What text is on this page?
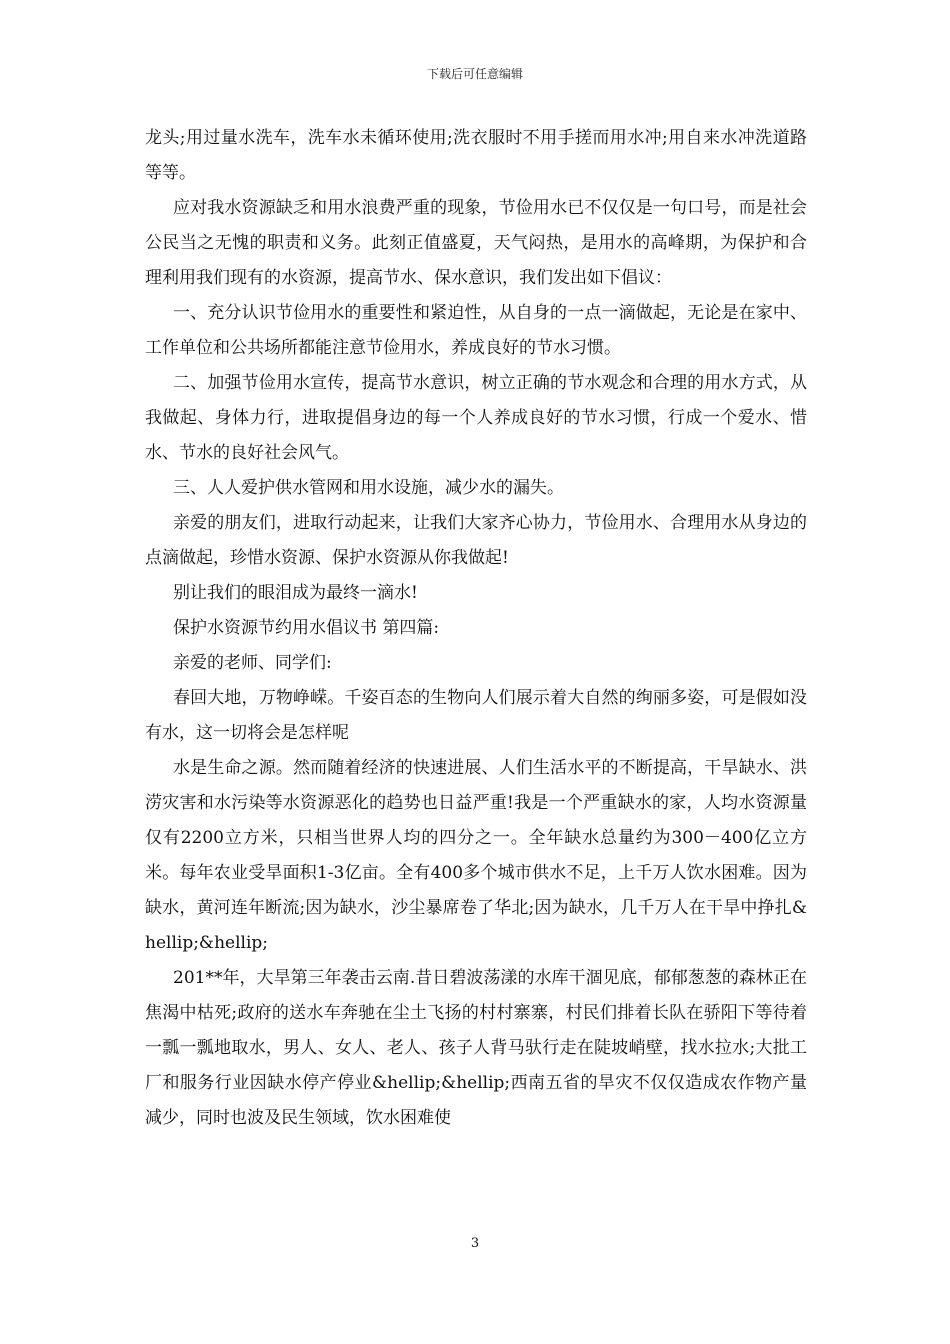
下载后可任意编辑

龙头;用过量水洗车，洗车水未循环使用;洗衣服时不用手搓而用水冲;用自来水冲洗道路等等。

应对我水资源缺乏和用水浪费严重的现象，节俭用水已不仅仅是一句口号，而是社会公民当之无愧的职责和义务。此刻正值盛夏，天气闷热，是用水的高峰期，为保护和合理利用我们现有的水资源，提高节水、保水意识，我们发出如下倡议：

一、充分认识节俭用水的重要性和紧迫性，从自身的一点一滴做起，无论是在家中、工作单位和公共场所都能注意节俭用水，养成良好的节水习惯。

二、加强节俭用水宣传，提高节水意识，树立正确的节水观念和合理的用水方式，从我做起、身体力行，进取提倡身边的每一个人养成良好的节水习惯，行成一个爱水、惜水、节水的良好社会风气。

三、人人爱护供水管网和用水设施，减少水的漏失。

亲爱的朋友们，进取行动起来，让我们大家齐心协力，节俭用水、合理用水从身边的点滴做起，珍惜水资源、保护水资源从你我做起!

别让我们的眼泪成为最终一滴水!

保护水资源节约用水倡议书 第四篇:

亲爱的老师、同学们:

春回大地，万物峥嵘。千姿百态的生物向人们展示着大自然的绚丽多姿，可是假如没有水，这一切将会是怎样呢

水是生命之源。然而随着经济的快速进展、人们生活水平的不断提高，干旱缺水、洪涝灾害和水污染等水资源恶化的趋势也日益严重!我是一个严重缺水的家，人均水资源量仅有2200立方米，只相当世界人均的四分之一。全年缺水总量约为300－400亿立方米。每年农业受旱面积1-3亿亩。全有400多个城市供水不足，上千万人饮水困难。因为缺水，黄河连年断流;因为缺水，沙尘暴席卷了华北;因为缺水，几千万人在干旱中挣扎&hellip;&hellip;

201**年，大旱第三年袭击云南.昔日碧波荡漾的水库干涸见底，郁郁葱葱的森林正在焦渴中枯死;政府的送水车奔驰在尘土飞扬的村村寨寨，村民们排着长队在骄阳下等待着一瓢一瓢地取水，男人、女人、老人、孩子人背马驮行走在陡坡峭壁，找水拉水;大批工厂和服务行业因缺水停产停业&hellip;&hellip;西南五省的旱灾不仅仅造成农作物产量减少，同时也波及民生领域，饮水困难使

3
